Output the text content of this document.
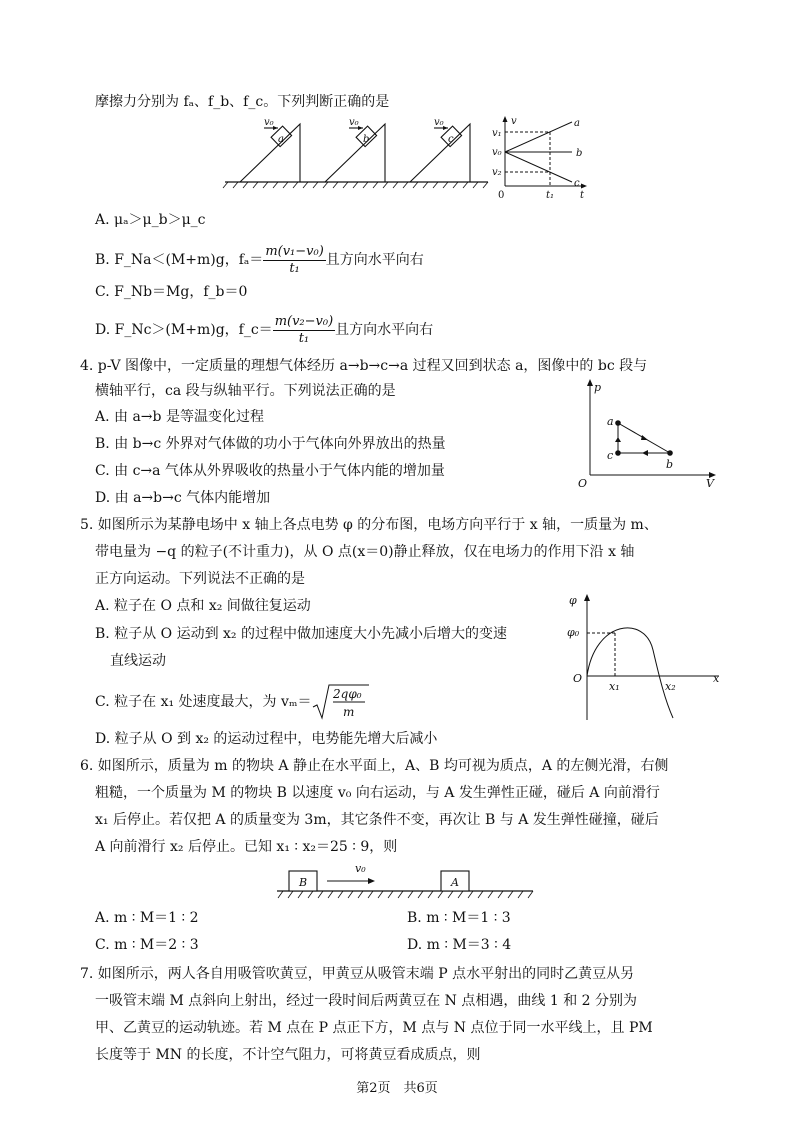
摩擦力分别为 fₐ、f_b、f_c。下列判断正确的是
a	b	c
v₀	v₀	v₀	v
t
0
v₁
v₀
v₂
t₁
a
b
c
A. μₐ＞μ_b＞μ_c
B. F_Na＜(M+m)g，$f_a= \frac{\text{m(v₁−v₀)}}{\text{t₁}}$ 且方向水平向右
C. F_Nb＝Mg，f_b＝0
D. F_Nc＞(M+m)g，f_c＝ $\frac{\text{m(v₂−v₀)}}{\text{t₁}}$ 且方向水平向右
4. p-V 图像中，一定质量的理想气体经历 a→b→c→a 过程又回到状态 a，图像中的 bc 段与
横轴平行，ca 段与纵轴平行。下列说法正确的是
A. 由 a→b 是等温变化过程
B. 由 b→c 外界对气体做的功小于气体向外界放出的热量
C. 由 c→a 气体从外界吸收的热量小于气体内能的增加量
D. 由 a→b→c 气体内能增加
p
V
O
a
b
c
5. 如图所示为某静电场中 x 轴上各点电势 φ 的分布图，电场方向平行于 x 轴，一质量为 m、
带电量为 −q 的粒子(不计重力)，从 O 点(x＝0)静止释放，仅在电场力的作用下沿 x 轴
正方向运动。下列说法不正确的是
A. 粒子在 O 点和 x₂ 间做往复运动
B. 粒子从 O 运动到 x₂ 的过程中做加速度大小先减小后增大的变速
直线运动
C. 粒子在 x₁ 处速度最大，为 vₘ＝ 2qφ₀
m
D. 粒子从 O 到 x₂ 的运动过程中，电势能先增大后减小
φ
φ₀
O
x₁	x₂
x
6. 如图所示，质量为 m 的物块 A 静止在水平面上，A、B 均可视为质点，A 的左侧光滑，右侧
粗糙，一个质量为 M 的物块 B 以速度 v₀ 向右运动，与 A 发生弹性正碰，碰后 A 向前滑行
x₁ 后停止。若仅把 A 的质量变为 3m，其它条件不变，再次让 B 与 A 发生弹性碰撞，碰后
A 向前滑行 x₂ 后停止。已知 x₁ ∶ x₂＝25 ∶ 9，则
B	A
v₀
A. m ∶ M＝1 ∶ 2	B. m ∶ M＝1 ∶ 3
C. m ∶ M＝2 ∶ 3	D. m ∶ M＝3 ∶ 4
7. 如图所示，两人各自用吸管吹黄豆，甲黄豆从吸管末端 P 点水平射出的同时乙黄豆从另
一吸管末端 M 点斜向上射出，经过一段时间后两黄豆在 N 点相遇，曲线 1 和 2 分别为
甲、乙黄豆的运动轨迹。若 M 点在 P 点正下方，M 点与 N 点位于同一水平线上，且 PM
长度等于 MN 的长度，不计空气阻力，可将黄豆看成质点，则
第2页　共6页
